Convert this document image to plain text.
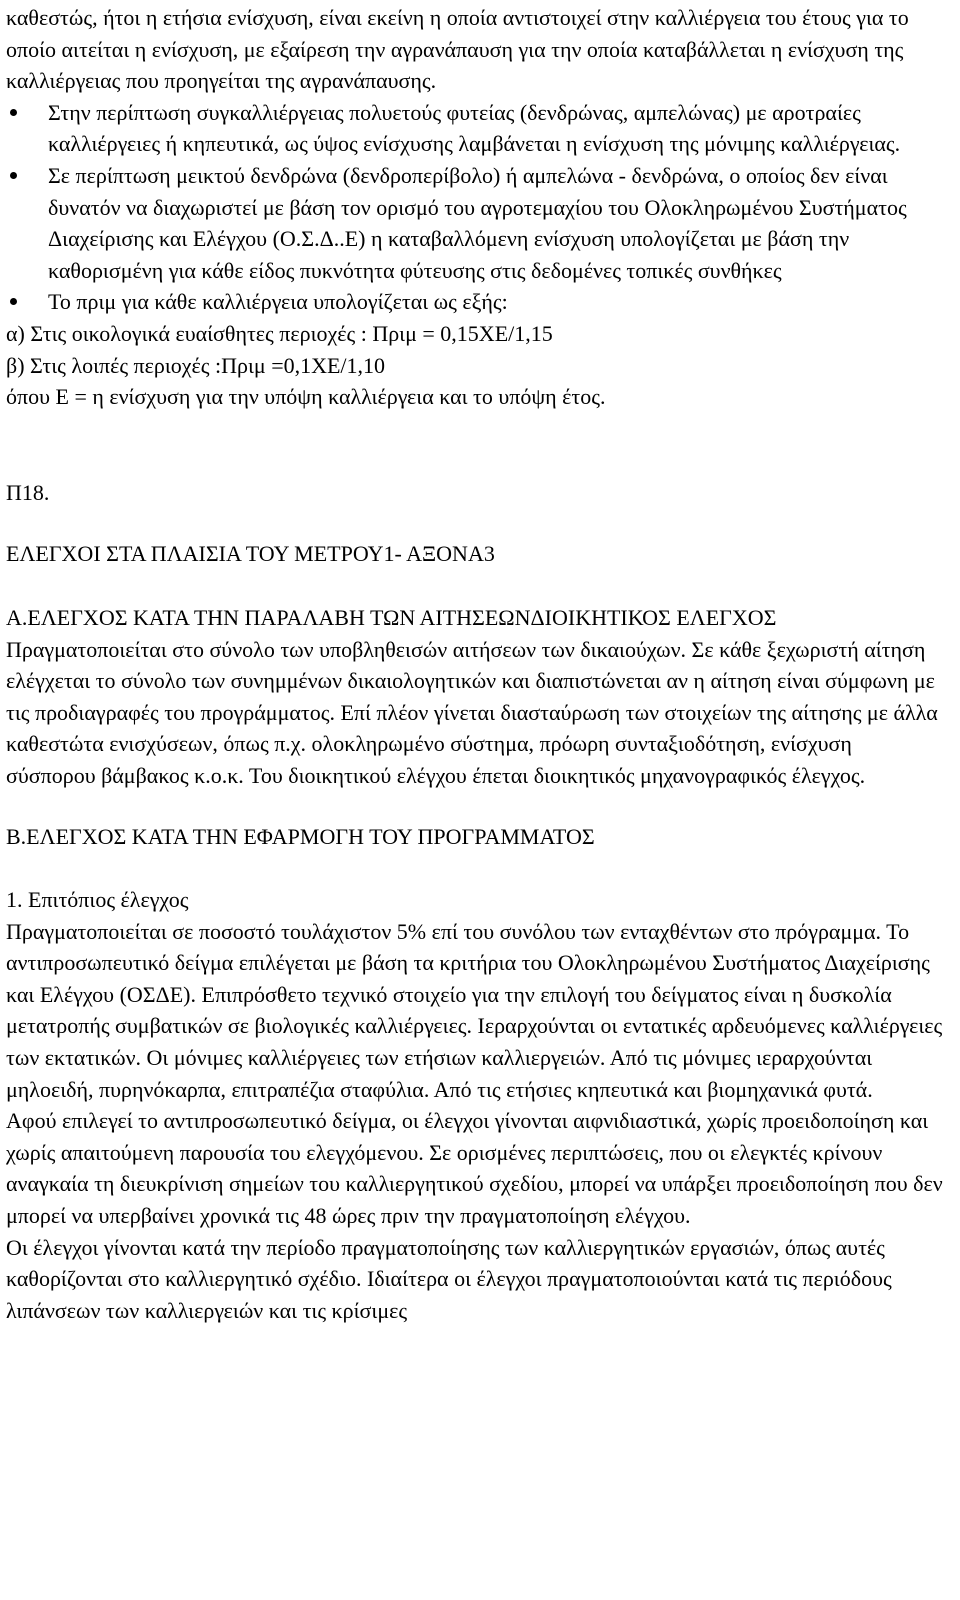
καθεστώς, ήτοι η ετήσια ενίσχυση, είναι εκείνη η οποία αντιστοιχεί στην καλλιέργεια του έτους για το οποίο αιτείται η ενίσχυση, με εξαίρεση την αγρανάπαυση για την οποία καταβάλλεται η ενίσχυση της καλλιέργειας που προηγείται της αγρανάπαυσης.

Στην περίπτωση συγκαλλιέργειας πολυετούς φυτείας (δενδρώνας, αμπελώνας) με αροτραίες καλλιέργειες ή κηπευτικά, ως ύψος ενίσχυσης λαμβάνεται η ενίσχυση της μόνιμης καλλιέργειας.
Σε περίπτωση μεικτού δενδρώνα (δενδροπερίβολο) ή αμπελώνα - δενδρώνα, ο οποίος δεν είναι δυνατόν να διαχωριστεί με βάση τον ορισμό του αγροτεμαχίου του Ολοκληρωμένου Συστήματος Διαχείρισης και Ελέγχου (Ο.Σ.Δ..Ε) η καταβαλλόμενη ενίσχυση υπολογίζεται με βάση την καθορισμένη για κάθε είδος πυκνότητα φύτευσης στις δεδομένες τοπικές συνθήκες
Το πριμ για κάθε καλλιέργεια υπολογίζεται ως εξής:

α) Στις οικολογικά ευαίσθητες περιοχές : Πριμ = 0,15ΧΕ/1,15

β) Στις λοιπές περιοχές :Πριμ =0,1ΧΕ/1,10

όπου Ε = η ενίσχυση για την υπόψη καλλιέργεια και το υπόψη έτος.

Π18.

ΕΛΕΓΧΟΙ ΣΤΑ ΠΛΑΙΣΙΑ ΤΟΥ ΜΕΤΡΟΥ1- ΑΞΟΝΑ3

Α.ΕΛΕΓΧΟΣ ΚΑΤΑ ΤΗΝ ΠΑΡΑΛΑΒΗ ΤΩΝ ΑΙΤΗΣΕΩΝΔΙΟΙΚΗΤΙΚΟΣ ΕΛΕΓΧΟΣ

Πραγματοποιείται στο σύνολο των υποβληθεισών αιτήσεων των δικαιούχων. Σε κάθε ξεχωριστή αίτηση ελέγχεται το σύνολο των συνημμένων δικαιολογητικών και διαπιστώνεται αν η αίτηση είναι σύμφωνη με τις προδιαγραφές του προγράμματος. Επί πλέον γίνεται διασταύρωση των στοιχείων της αίτησης με άλλα καθεστώτα ενισχύσεων, όπως π.χ. ολοκληρωμένο σύστημα, πρόωρη συνταξιοδότηση, ενίσχυση σύσπορου βάμβακος κ.ο.κ. Του διοικητικού ελέγχου έπεται διοικητικός μηχανογραφικός έλεγχος.

Β.ΕΛΕΓΧΟΣ ΚΑΤΑ ΤΗΝ ΕΦΑΡΜΟΓΗ ΤΟΥ ΠΡΟΓΡΑΜΜΑΤΟΣ

1. Επιτόπιος έλεγχος

Πραγματοποιείται σε ποσοστό τουλάχιστον 5% επί του συνόλου των ενταχθέντων στο πρόγραμμα. Το αντιπροσωπευτικό δείγμα επιλέγεται με βάση τα κριτήρια του Ολοκληρωμένου Συστήματος Διαχείρισης και Ελέγχου (ΟΣΔΕ). Επιπρόσθετο τεχνικό στοιχείο για την επιλογή του δείγματος είναι η δυσκολία μετατροπής συμβατικών σε βιολογικές καλλιέργειες. Ιεραρχούνται οι εντατικές αρδευόμενες καλλιέργειες των εκτατικών. Οι μόνιμες καλλιέργειες των ετήσιων καλλιεργειών. Από τις μόνιμες ιεραρχούνται μηλοειδή, πυρηνόκαρπα, επιτραπέζια σταφύλια. Από τις ετήσιες κηπευτικά και βιομηχανικά φυτά.

Αφού επιλεγεί το αντιπροσωπευτικό δείγμα, οι έλεγχοι γίνονται αιφνιδιαστικά, χωρίς προειδοποίηση και χωρίς απαιτούμενη παρουσία του ελεγχόμενου. Σε ορισμένες περιπτώσεις, που οι ελεγκτές κρίνουν αναγκαία τη διευκρίνιση σημείων του καλλιεργητικού σχεδίου, μπορεί να υπάρξει προειδοποίηση που δεν μπορεί να υπερβαίνει χρονικά τις 48 ώρες πριν την πραγματοποίηση ελέγχου.

Οι έλεγχοι γίνονται κατά την περίοδο πραγματοποίησης των καλλιεργητικών εργασιών, όπως αυτές καθορίζονται στο καλλιεργητικό σχέδιο. Ιδιαίτερα οι έλεγχοι πραγματοποιούνται κατά τις περιόδους λιπάνσεων των καλλιεργειών και τις κρίσιμες
